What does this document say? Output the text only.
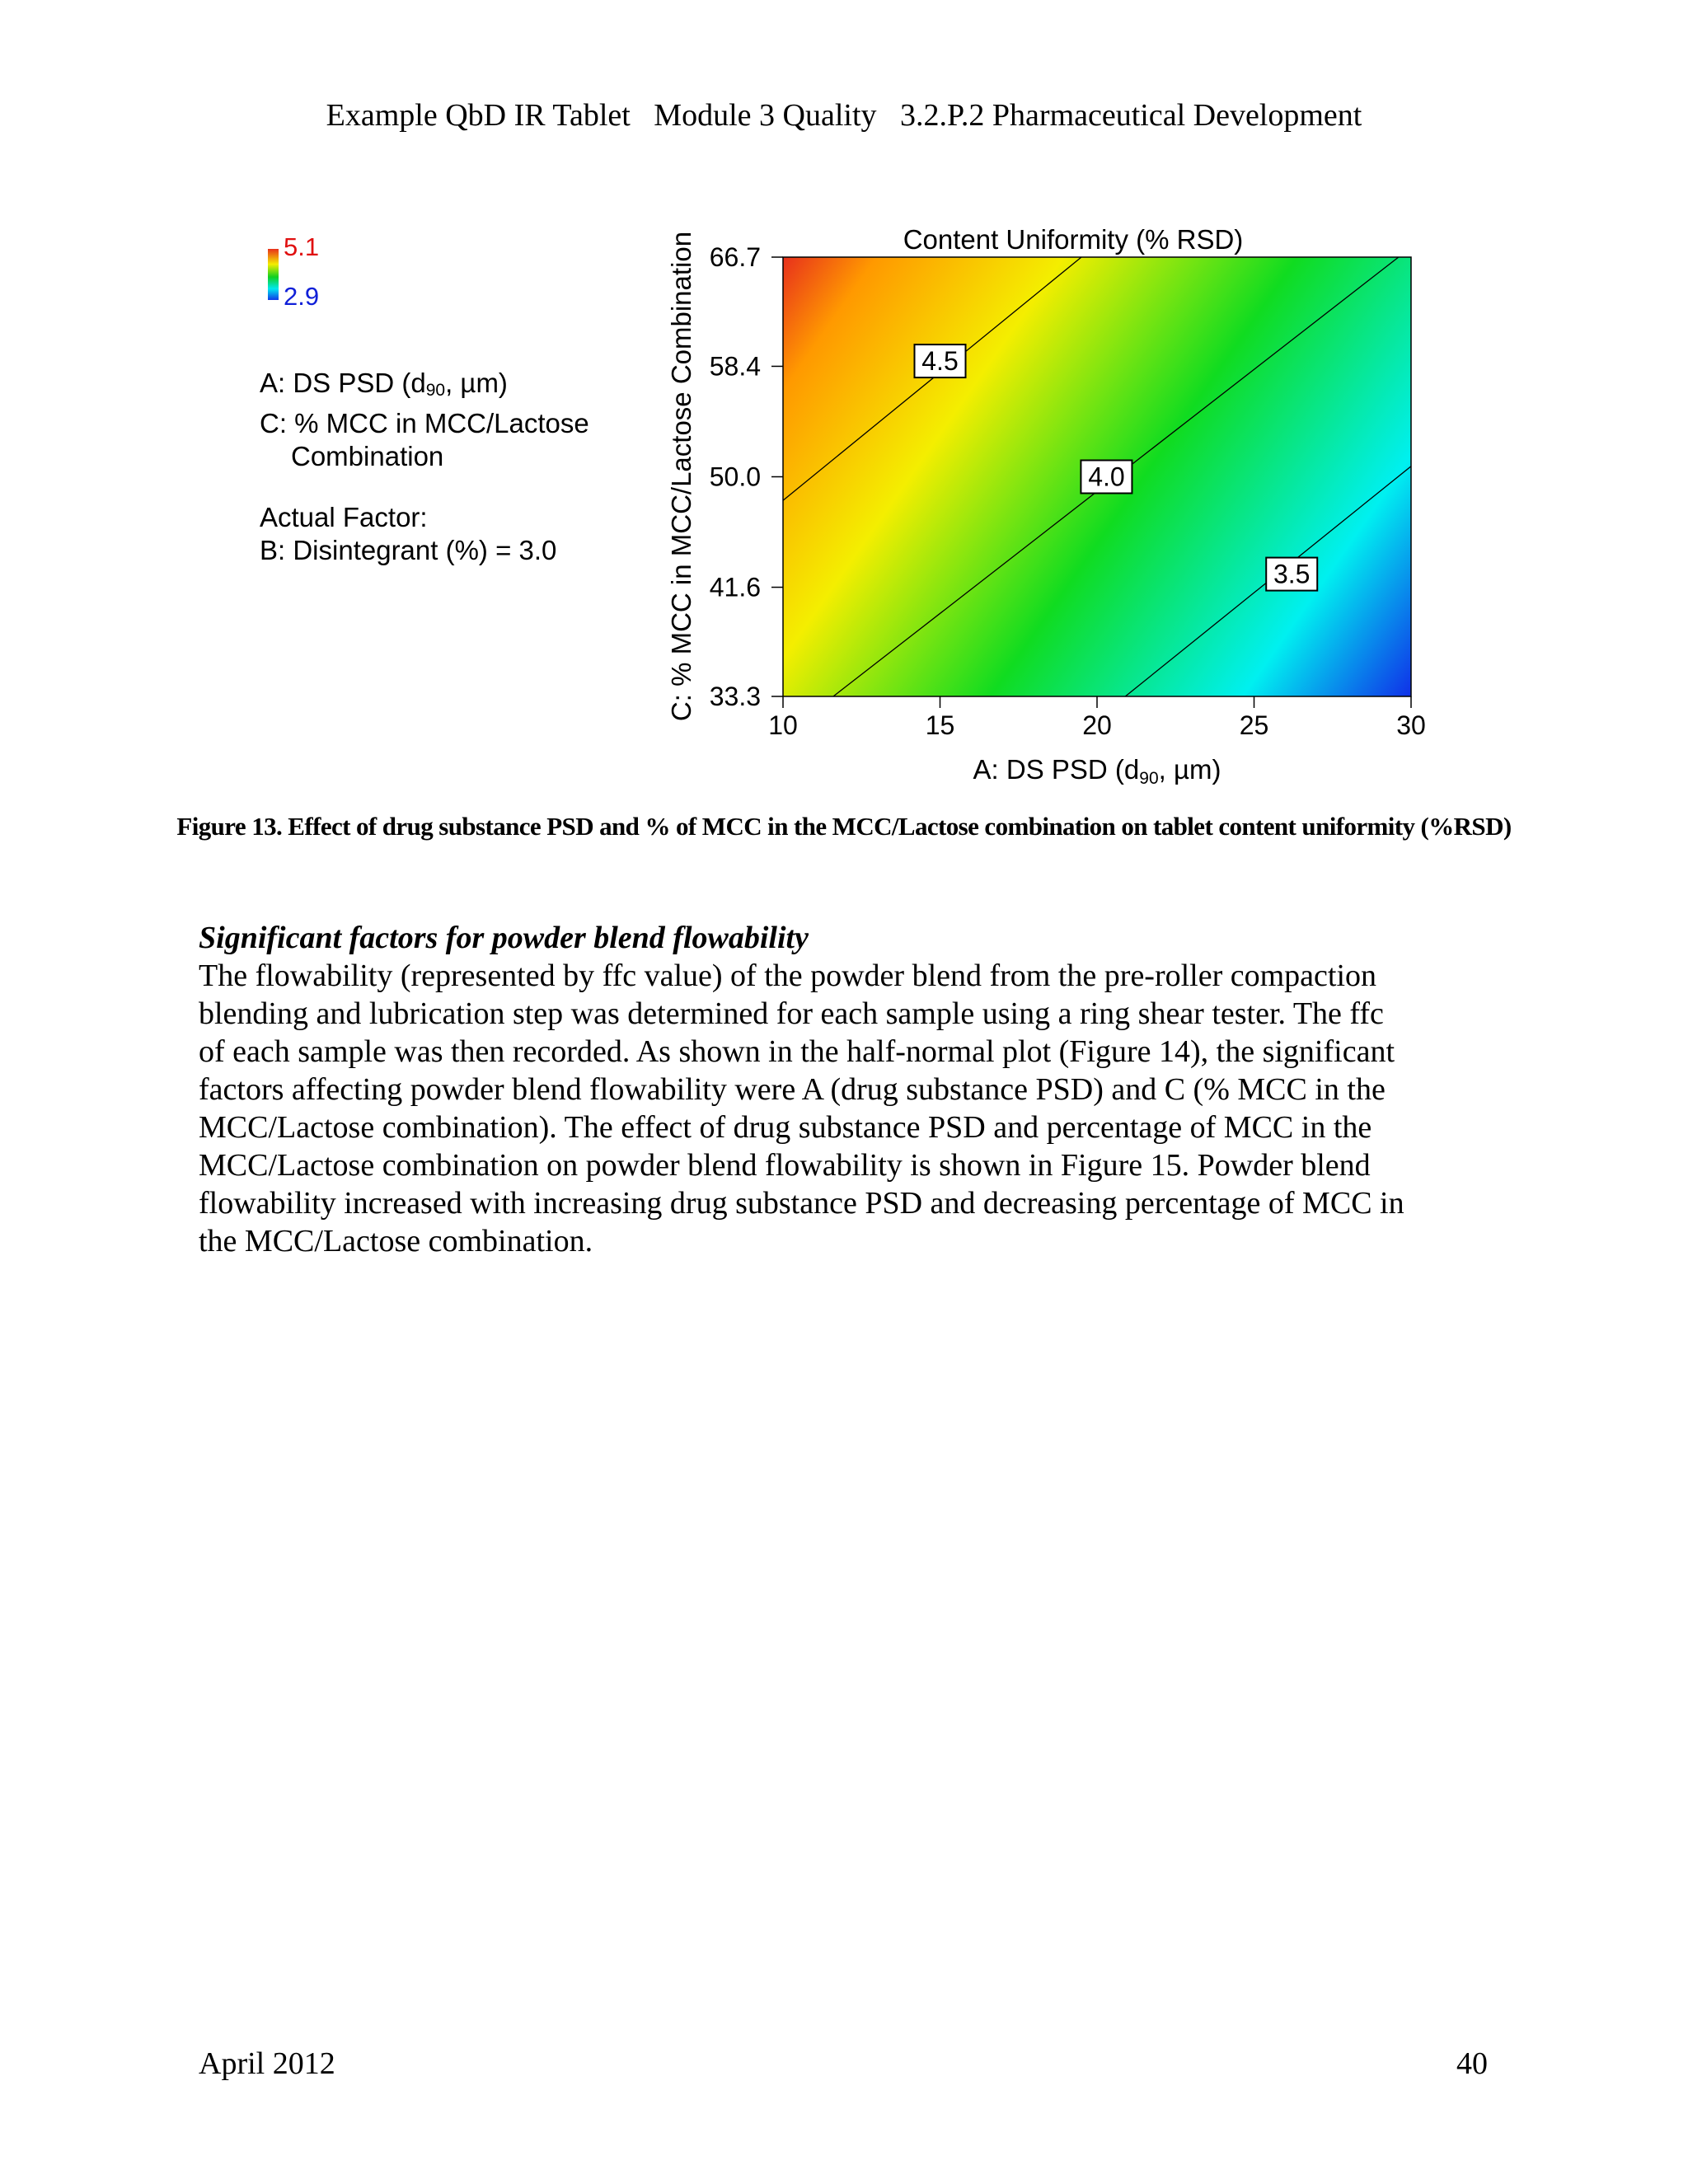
Example QbD IR Tablet   Module 3 Quality   3.2.P.2 Pharmaceutical Development
5.1
2.9
A: DS PSD ($d_{90}$, µm)
C: % MCC in MCC/Lactose
Combination
Actual Factor:
B: Disintegrant (%) = 3.0
4.5
4.0
3.5
10	15	20	25	30
33.3
41.6
50.0
58.4
66.7
Content Uniformity (% RSD)
A: DS PSD (d90, µm)
C: % MCC in MCC/Lactose Combination
Figure 13. Effect of drug substance PSD and % of MCC in the MCC/Lactose combination on tablet content uniformity (%RSD)
Significant factors for powder blend flowability
The flowability (represented by ffc value) of the powder blend from the pre-roller compaction
blending and lubrication step was determined for each sample using a ring shear tester. The ffc
of each sample was then recorded. As shown in the half-normal plot (Figure 14), the significant
factors affecting powder blend flowability were A (drug substance PSD) and C (% MCC in the
MCC/Lactose combination). The effect of drug substance PSD and percentage of MCC in the
MCC/Lactose combination on powder blend flowability is shown in Figure 15. Powder blend
flowability increased with increasing drug substance PSD and decreasing percentage of MCC in
the MCC/Lactose combination.
April 2012	40
